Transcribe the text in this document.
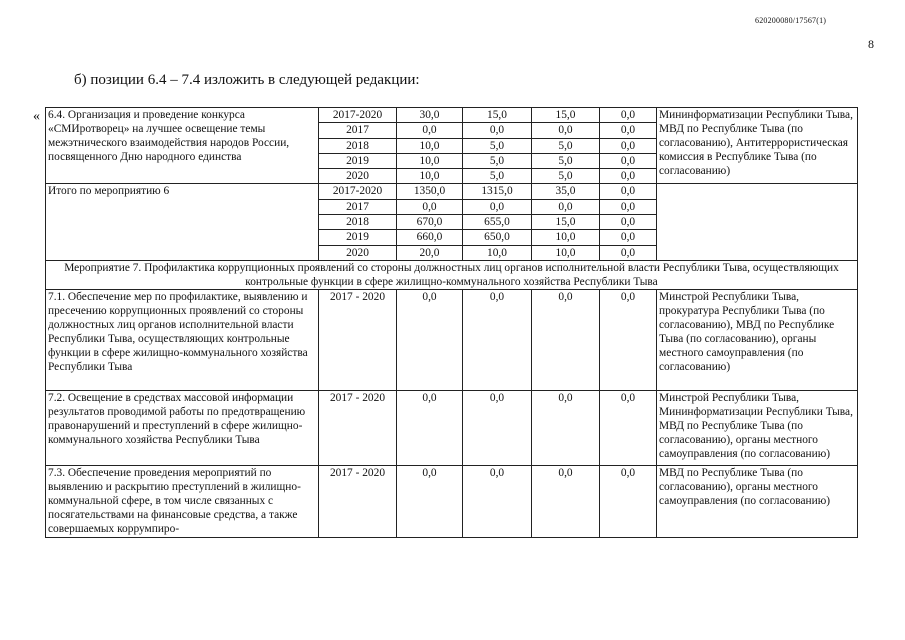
620200080/17567(1)
8
б) позиции 6.4 – 7.4 изложить в следующей редакции:
« 6.4. Организация и проведение конкурса «СМИротворец» на лучшее освещение темы межэтнического взаимодействия народов России, посвященного Дню народного единства	2017-2020	30,0	15,0	15,0	0,0	Мининформатизации Республики Тыва, МВД по Республике Тыва (по согласованию), Антитеррористическая комиссия в Республике Тыва (по согласованию)
	2017	0,0	0,0	0,0	0,0	
	2018	10,0	5,0	5,0	0,0	
	2019	10,0	5,0	5,0	0,0	
	2020	10,0	5,0	5,0	0,0	
Итого по мероприятию 6	2017-2020	1350,0	1315,0	35,0	0,0	
	2017	0,0	0,0	0,0	0,0	
	2018	670,0	655,0	15,0	0,0	
	2019	660,0	650,0	10,0	0,0	
	2020	20,0	10,0	10,0	0,0	
Мероприятие 7. Профилактика коррупционных проявлений со стороны должностных лиц органов исполнительной власти Республики Тыва, осуществляющих контрольные функции в сфере жилищно-коммунального хозяйства Республики Тыва						
7.1. Обеспечение мер по профилактике, выявлению и пресечению коррупционных проявлений со стороны должностных лиц органов исполнительной власти Республики Тыва, осуществляющих контрольные функции в сфере жилищно-коммунального хозяйства Республики Тыва	2017 - 2020	0,0	0,0	0,0	0,0	Минстрой Республики Тыва, прокуратура Республики Тыва (по согласованию), МВД по Республике Тыва (по согласованию), органы местного самоуправления (по согласованию)
7.2. Освещение в средствах массовой информации результатов проводимой работы по предотвращению правонарушений и преступлений в сфере жилищно-коммунального хозяйства Республики Тыва	2017 - 2020	0,0	0,0	0,0	0,0	Минстрой Республики Тыва, Мининформатизации Республики Тыва, МВД по Республике Тыва (по согласованию), органы местного самоуправления (по согласованию)
7.3. Обеспечение проведения мероприятий по выявлению и раскрытию преступлений в жилищно-коммунальной сфере, в том числе связанных с посягательствами на финансовые средства, а также совершаемых коррумпиро-	2017 - 2020	0,0	0,0	0,0	0,0	МВД по Республике Тыва (по согласованию), органы местного самоуправления (по согласованию)
